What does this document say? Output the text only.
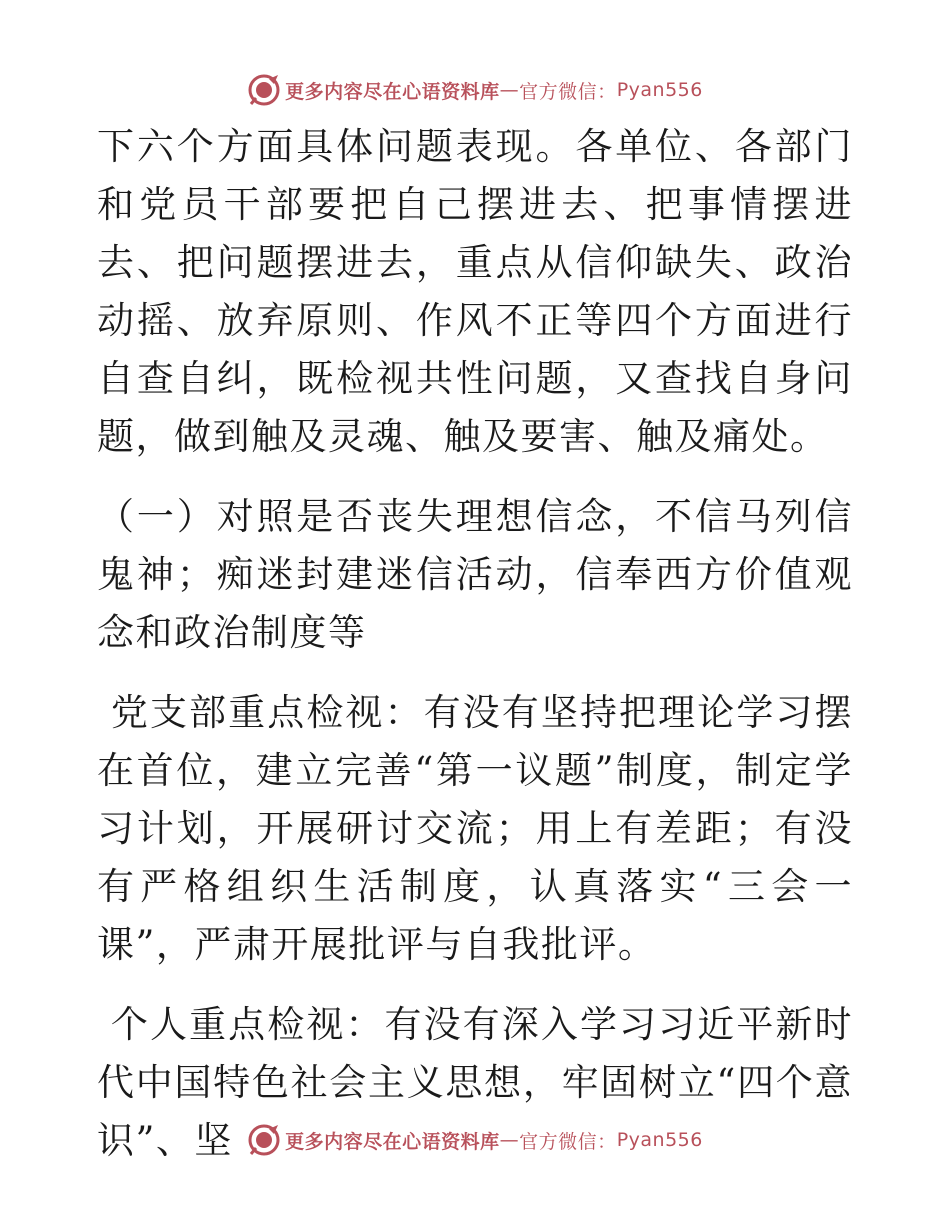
更多内容尽在心语资料库 — 官方微信： Pyan556

下六个方面具体问题表现。各单位、各部门和党员干部要把自己摆进去、把事情摆进去、把问题摆进去，重点从信仰缺失、政治动摇、放弃原则、作风不正等四个方面进行自查自纠，既检视共性问题，又查找自身问题，做到触及灵魂、触及要害、触及痛处。

（一）对照是否丧失理想信念，不信马列信鬼神；痴迷封建迷信活动，信奉西方价值观念和政治制度等

党支部重点检视：有没有坚持把理论学习摆在首位，建立完善“第一议题”制度，制定学习计划，开展研讨交流；用上有差距；有没有严格组织生活制度，认真落实“三会一课”，严肃开展批评与自我批评。

个人重点检视：有没有深入学习习近平新时代中国特色社会主义思想，牢固树立“四个意识”、坚	更多内容尽在心语资料库 — 官方微信： Pyan556
